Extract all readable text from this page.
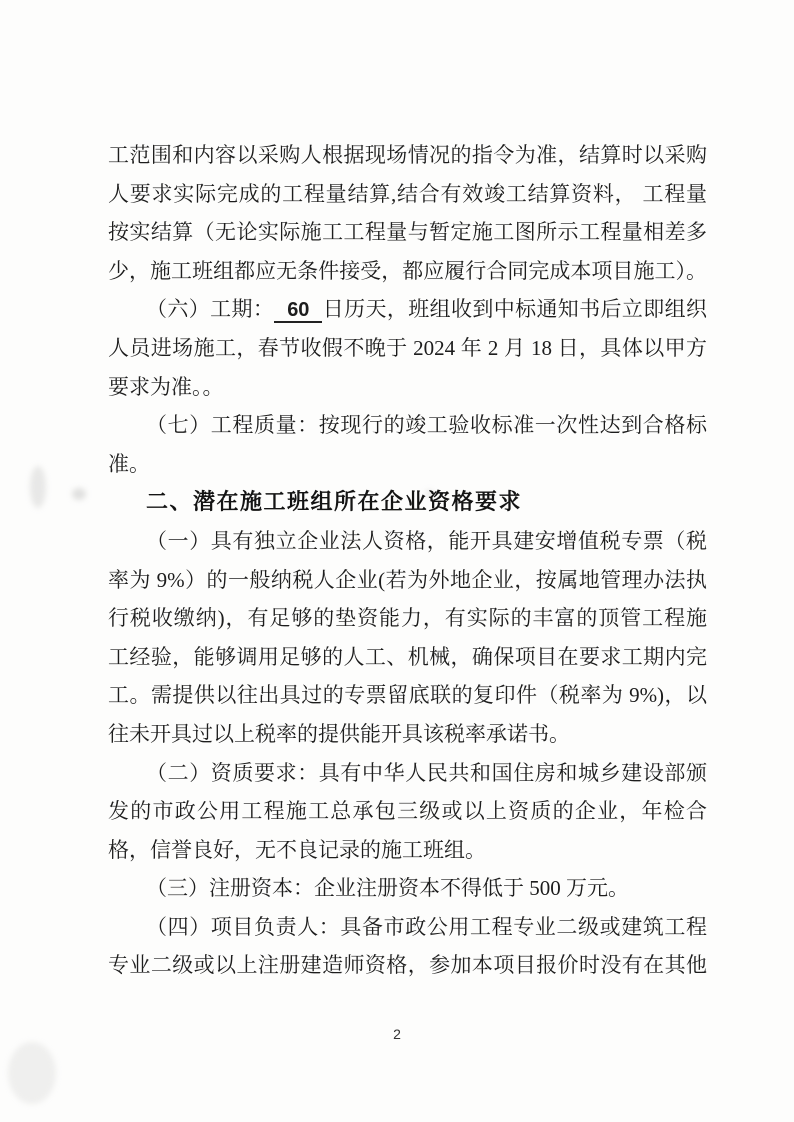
工范围和内容以采购人根据现场情况的指令为准，结算时以采购
人要求实际完成的工程量结算,结合有效竣工结算资料， 工程量
按实结算（无论实际施工工程量与暂定施工图所示工程量相差多
少，施工班组都应无条件接受，都应履行合同完成本项目施工）。
（六）工期： 60 日历天，班组收到中标通知书后立即组织
人员进场施工，春节收假不晚于 2024 年 2 月 18 日，具体以甲方
要求为准。。
（七）工程质量：按现行的竣工验收标准一次性达到合格标
准。
二、潜在施工班组所在企业资格要求
（一）具有独立企业法人资格，能开具建安增值税专票（税
率为 9%）的一般纳税人企业(若为外地企业，按属地管理办法执
行税收缴纳)，有足够的垫资能力，有实际的丰富的顶管工程施
工经验，能够调用足够的人工、机械，确保项目在要求工期内完
工。需提供以往出具过的专票留底联的复印件（税率为 9%)，以
往未开具过以上税率的提供能开具该税率承诺书。
（二）资质要求：具有中华人民共和国住房和城乡建设部颁
发的市政公用工程施工总承包三级或以上资质的企业，年检合
格，信誉良好，无不良记录的施工班组。
（三）注册资本：企业注册资本不得低于 500 万元。
（四）项目负责人：具备市政公用工程专业二级或建筑工程
专业二级或以上注册建造师资格，参加本项目报价时没有在其他
2
